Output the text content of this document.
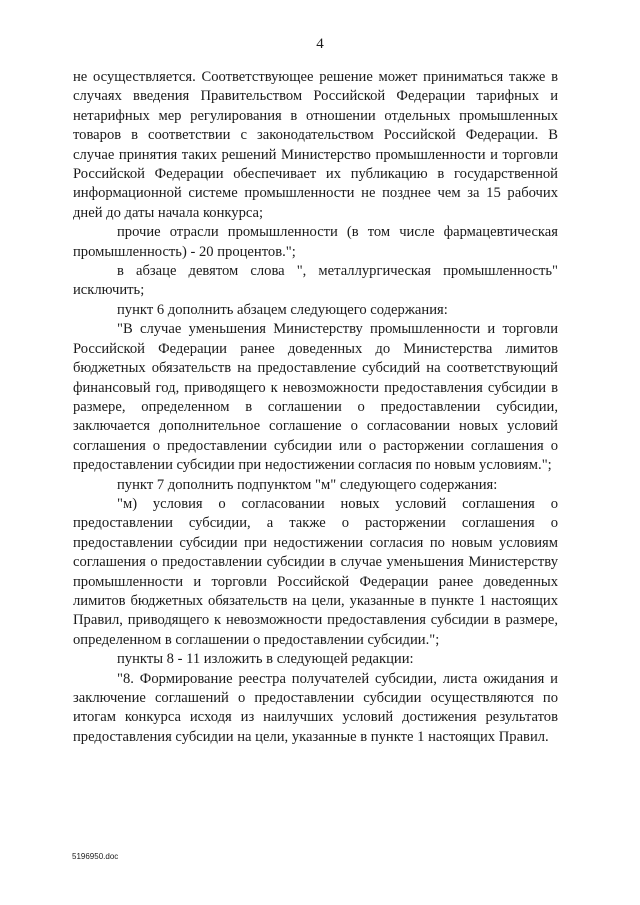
4

не осуществляется. Соответствующее решение может приниматься также в случаях введения Правительством Российской Федерации тарифных и нетарифных мер регулирования в отношении отдельных промышленных товаров в соответствии с законодательством Российской Федерации. В случае принятия таких решений Министерство промышленности и торговли Российской Федерации обеспечивает их публикацию в государственной информационной системе промышленности не позднее чем за 15 рабочих дней до даты начала конкурса;

прочие отрасли промышленности (в том числе фармацевтическая промышленность) - 20 процентов.";

в абзаце девятом слова ", металлургическая промышленность" исключить;

пункт 6 дополнить абзацем следующего содержания:

"В случае уменьшения Министерству промышленности и торговли Российской Федерации ранее доведенных до Министерства лимитов бюджетных обязательств на предоставление субсидий на соответствующий финансовый год, приводящего к невозможности предоставления субсидии в размере, определенном в соглашении о предоставлении субсидии, заключается дополнительное соглашение о согласовании новых условий соглашения о предоставлении субсидии или о расторжении соглашения о предоставлении субсидии при недостижении согласия по новым условиям.";

пункт 7 дополнить подпунктом "м" следующего содержания:

"м) условия о согласовании новых условий соглашения о предоставлении субсидии, а также о расторжении соглашения о предоставлении субсидии при недостижении согласия по новым условиям соглашения о предоставлении субсидии в случае уменьшения Министерству промышленности и торговли Российской Федерации ранее доведенных лимитов бюджетных обязательств на цели, указанные в пункте 1 настоящих Правил, приводящего к невозможности предоставления субсидии в размере, определенном в соглашении о предоставлении субсидии.";

пункты 8 - 11 изложить в следующей редакции:

"8. Формирование реестра получателей субсидии, листа ожидания и заключение соглашений о предоставлении субсидии осуществляются по итогам конкурса исходя из наилучших условий достижения результатов предоставления субсидии на цели, указанные в пункте 1 настоящих Правил.

5196950.doc
